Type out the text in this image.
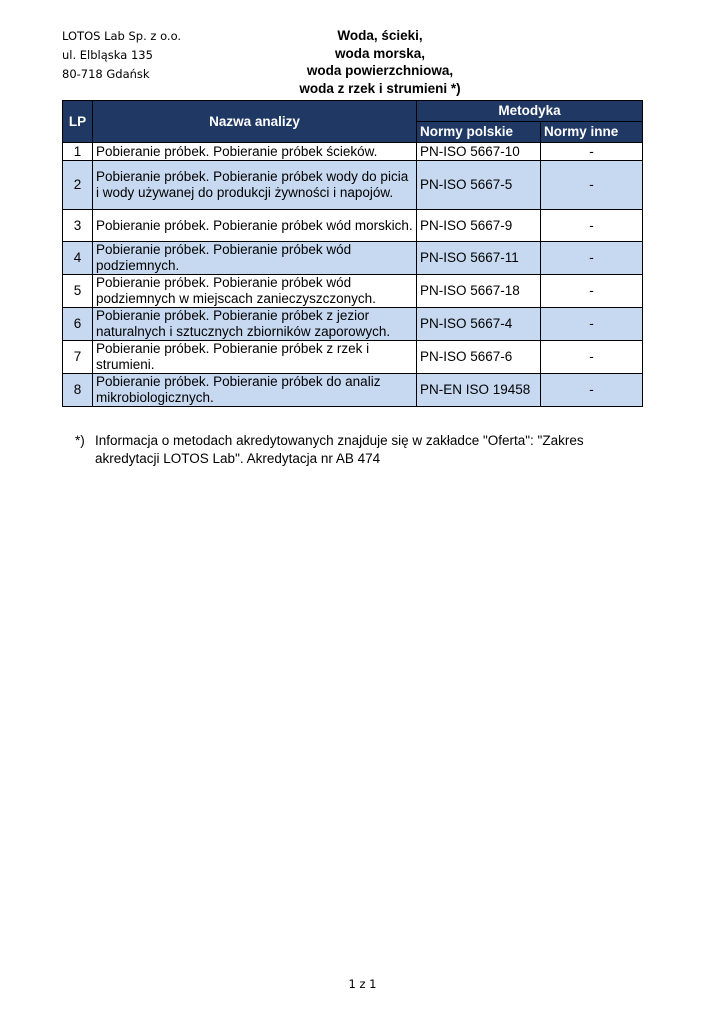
LOTOS Lab Sp. z o.o.
ul. Elbląska 135
80-718 Gdańsk
Woda, ścieki,
woda morska,
woda powierzchniowa,
woda z rzek i strumieni *)
LP	Nazwa analizy	Metodyka	
		Normy polskie	Normy inne
1	Pobieranie próbek. Pobieranie próbek ścieków.	PN-ISO 5667-10	-
2	Pobieranie próbek. Pobieranie próbek wody do picia i wody używanej do produkcji żywności i napojów.	PN-ISO 5667-5	-
3	Pobieranie próbek. Pobieranie próbek wód morskich.	PN-ISO 5667-9	-
4	Pobieranie próbek. Pobieranie próbek wód podziemnych.	PN-ISO 5667-11	-
5	Pobieranie próbek. Pobieranie próbek wód podziemnych w miejscach zanieczyszczonych.	PN-ISO 5667-18	-
6	Pobieranie próbek. Pobieranie próbek z jezior naturalnych i sztucznych zbiorników zaporowych.	PN-ISO 5667-4	-
7	Pobieranie próbek. Pobieranie próbek z rzek i strumieni.	PN-ISO 5667-6	-
8	Pobieranie próbek. Pobieranie próbek do analiz mikrobiologicznych.	PN-EN ISO 19458	-
*) Informacja o metodach akredytowanych znajduje się w zakładce "Oferta": "Zakres akredytacji LOTOS Lab". Akredytacja nr AB 474
1 z 1
